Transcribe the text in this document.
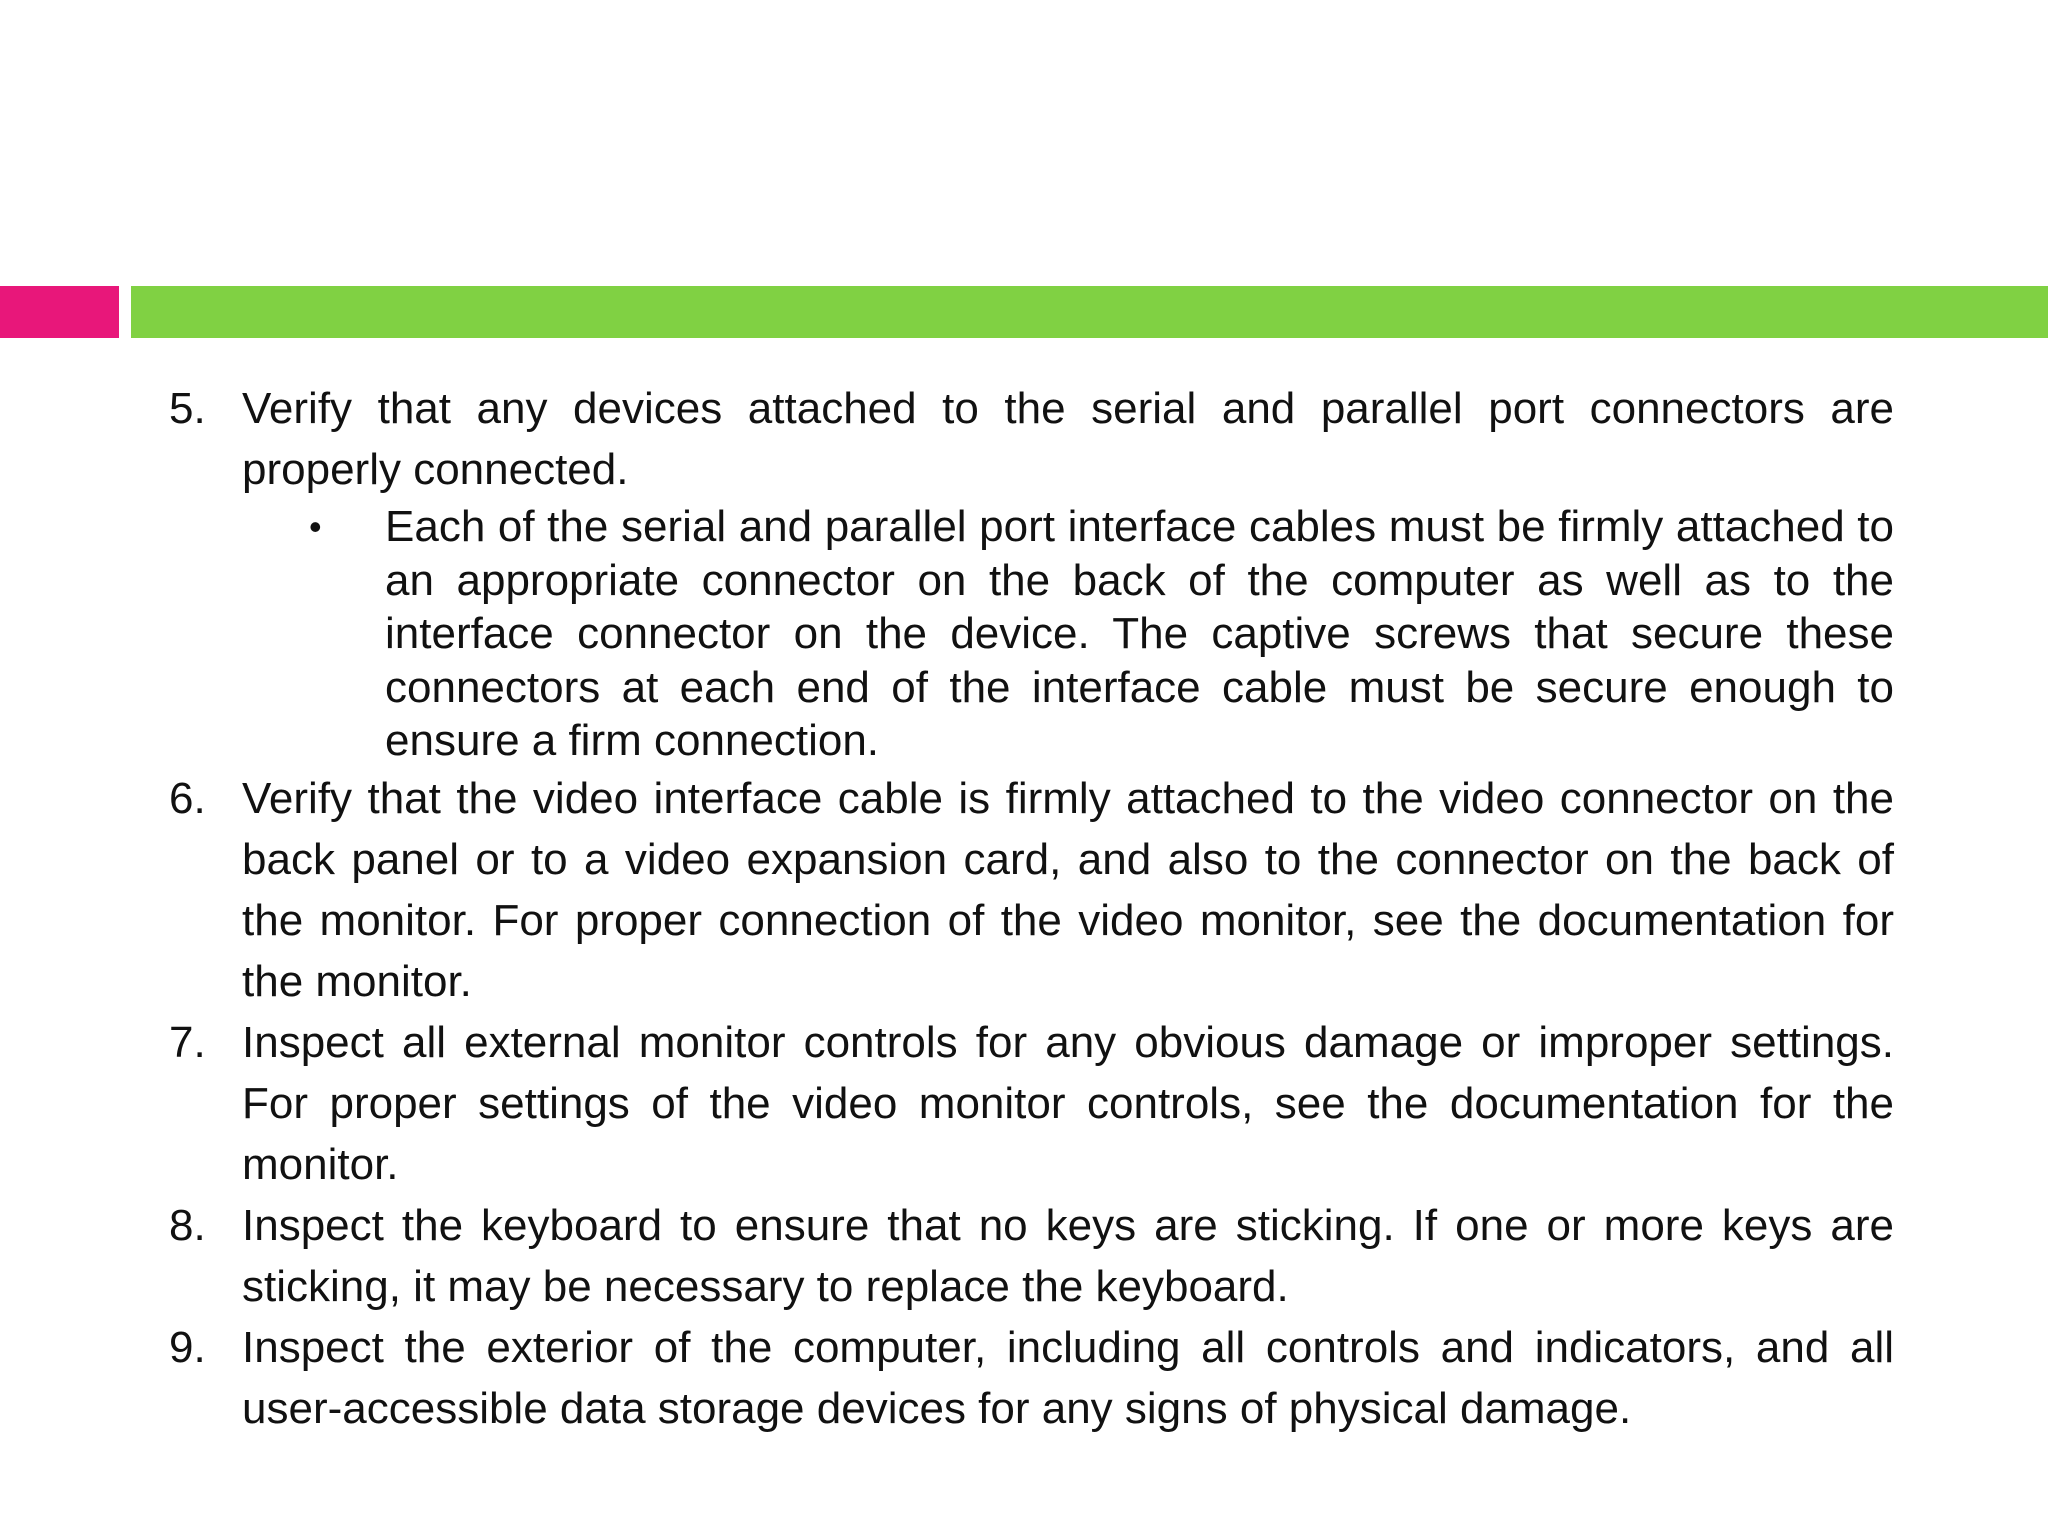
5. Verify that any devices attached to the serial and parallel port connectors are properly connected.
• Each of the serial and parallel port interface cables must be firmly attached to an appropriate connector on the back of the computer as well as to the interface connector on the device. The captive screws that secure these connectors at each end of the interface cable must be secure enough to ensure a firm connection.
6. Verify that the video interface cable is firmly attached to the video connector on the back panel or to a video expansion card, and also to the connector on the back of the monitor. For proper connection of the video monitor, see the documentation for the monitor.
7. Inspect all external monitor controls for any obvious damage or improper settings. For proper settings of the video monitor controls, see the documentation for the monitor.
8. Inspect the keyboard to ensure that no keys are sticking. If one or more keys are sticking, it may be necessary to replace the keyboard.
9. Inspect the exterior of the computer, including all controls and indicators, and all user-accessible data storage devices for any signs of physical damage.
